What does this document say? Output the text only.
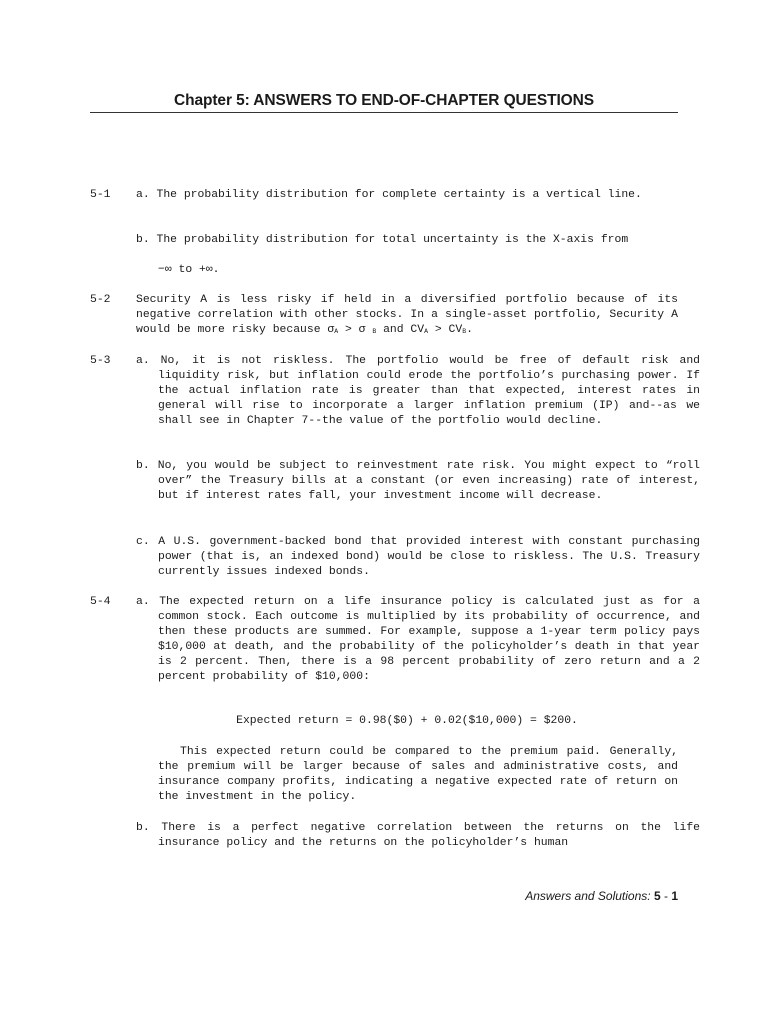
Chapter 5: ANSWERS TO END-OF-CHAPTER QUESTIONS
5-1 a. The probability distribution for complete certainty is a vertical line.
b. The probability distribution for total uncertainty is the X-axis from
−∞ to +∞.
5-2 Security A is less risky if held in a diversified portfolio because of its negative correlation with other stocks. In a single-asset portfolio, Security A would be more risky because σA > σ B and CVA > CVB.
5-3 a. No, it is not riskless. The portfolio would be free of default risk and liquidity risk, but inflation could erode the portfolio’s purchasing power. If the actual inflation rate is greater than that expected, interest rates in general will rise to incorporate a larger inflation premium (IP) and--as we shall see in Chapter 7--the value of the portfolio would decline.
b. No, you would be subject to reinvestment rate risk. You might expect to “roll over” the Treasury bills at a constant (or even increasing) rate of interest, but if interest rates fall, your investment income will decrease.
c. A U.S. government-backed bond that provided interest with constant purchasing power (that is, an indexed bond) would be close to riskless. The U.S. Treasury currently issues indexed bonds.
5-4 a. The expected return on a life insurance policy is calculated just as for a common stock. Each outcome is multiplied by its probability of occurrence, and then these products are summed. For example, suppose a 1-year term policy pays $10,000 at death, and the probability of the policyholder’s death in that year is 2 percent. Then, there is a 98 percent probability of zero return and a 2 percent probability of $10,000:
Expected return = 0.98($0) + 0.02($10,000) = $200.
This expected return could be compared to the premium paid. Generally, the premium will be larger because of sales and administrative costs, and insurance company profits, indicating a negative expected rate of return on the investment in the policy.
b. There is a perfect negative correlation between the returns on the life insurance policy and the returns on the policyholder’s human
Answers and Solutions: 5 - 1
